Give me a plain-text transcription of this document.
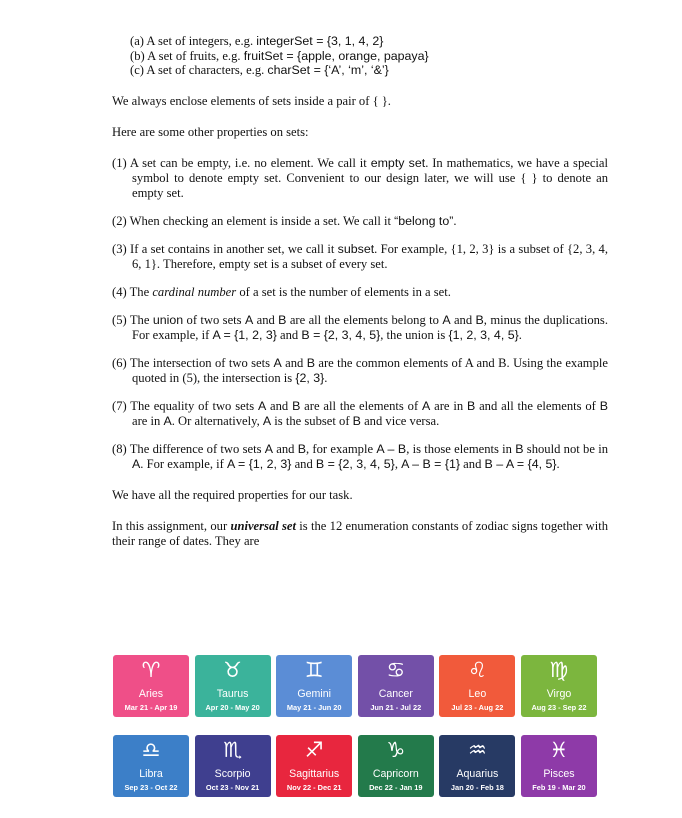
(a) A set of integers, e.g. integerSet = {3, 1, 4, 2}
(b) A set of fruits, e.g. fruitSet = {apple, orange, papaya}
(c) A set of characters, e.g. charSet = {‘A’, ‘m’, ‘&’}

We always enclose elements of sets inside a pair of { }.

Here are some other properties on sets:

(1) A set can be empty, i.e. no element. We call it empty set. In mathematics, we have a special symbol to denote empty set. Convenient to our design later, we will use { } to denote an empty set.

(2) When checking an element is inside a set. We call it “belong to”.

(3) If a set contains in another set, we call it subset. For example, {1, 2, 3} is a subset of {2, 3, 4, 6, 1}. Therefore, empty set is a subset of every set.

(4) The cardinal number of a set is the number of elements in a set.

(5) The union of two sets A and B are all the elements belong to A and B, minus the duplications. For example, if A = {1, 2, 3} and B = {2, 3, 4, 5}, the union is {1, 2, 3, 4, 5}.

(6) The intersection of two sets A and B are the common elements of A and B. Using the example quoted in (5), the intersection is {2, 3}.

(7) The equality of two sets A and B are all the elements of A are in B and all the elements of B are in A. Or alternatively, A is the subset of B and vice versa.

(8) The difference of two sets A and B, for example A – B, is those elements in B should not be in A. For example, if A = {1, 2, 3} and B = {2, 3, 4, 5}, A – B = {1} and B – A = {4, 5}.

We have all the required properties for our task.

In this assignment, our universal set is the 12 enumeration constants of zodiac signs together with their range of dates. They are

♈
Aries
Mar 21 - Apr 19
♉
Taurus
Apr 20 - May 20
♊
Gemini
May 21 - Jun 20
♋
Cancer
Jun 21 - Jul 22
♌
Leo
Jul 23 - Aug 22
♍
Virgo
Aug 23 - Sep 22
♎
Libra
Sep 23 - Oct 22
♏
Scorpio
Oct 23 - Nov 21
♐
Sagittarius
Nov 22 - Dec 21
♑
Capricorn
Dec 22 - Jan 19
♒
Aquarius
Jan 20 - Feb 18
♓
Pisces
Feb 19 - Mar 20
